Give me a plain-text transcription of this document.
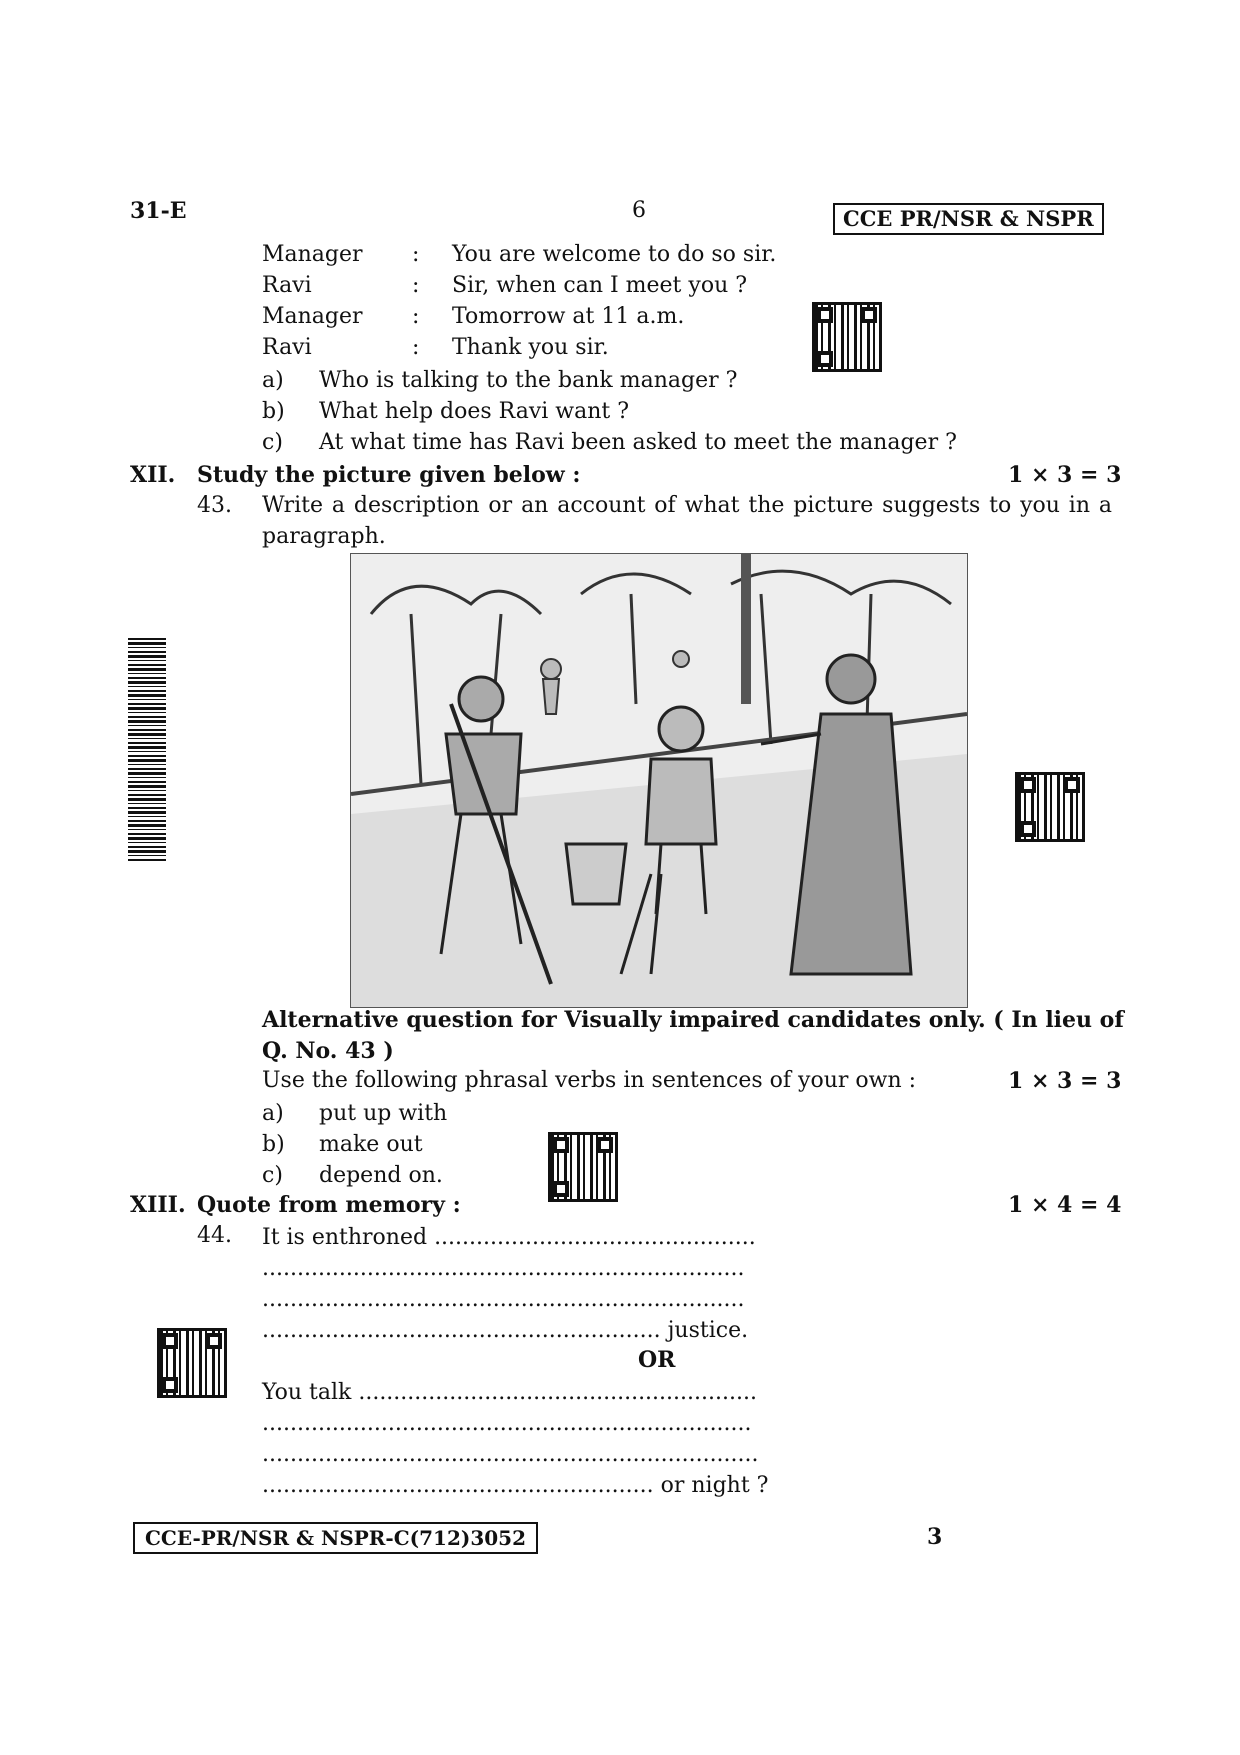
31-E	6	CCE PR/NSR & NSPR
Manager : You are welcome to do so sir.
Ravi	: Sir, when can I meet you ?
Manager : Tomorrow at 11 a.m.
Ravi	: Thank you sir.
a) Who is talking to the bank manager ?
b) What help does Ravi want ?
c) At what time has Ravi been asked to meet the manager ?
XII. Study the picture given below :	1 × 3 = 3
43. Write a description or an account of what the picture suggests to you in a
paragraph.
Alternative question for Visually impaired candidates only. ( In lieu of
Q. No. 43 )
Use the following phrasal verbs in sentences of your own :	1 × 3 = 3
a) put up with
b) make out
c) depend on.
XIII. Quote from memory :	1 × 4 = 4
44. It is enthroned ..............................................
.....................................................................
.....................................................................
......................................................... justice.
OR
You talk .........................................................
......................................................................
.......................................................................
........................................................ or night ?
CCE-PR/NSR & NSPR-C(712)3052	3
